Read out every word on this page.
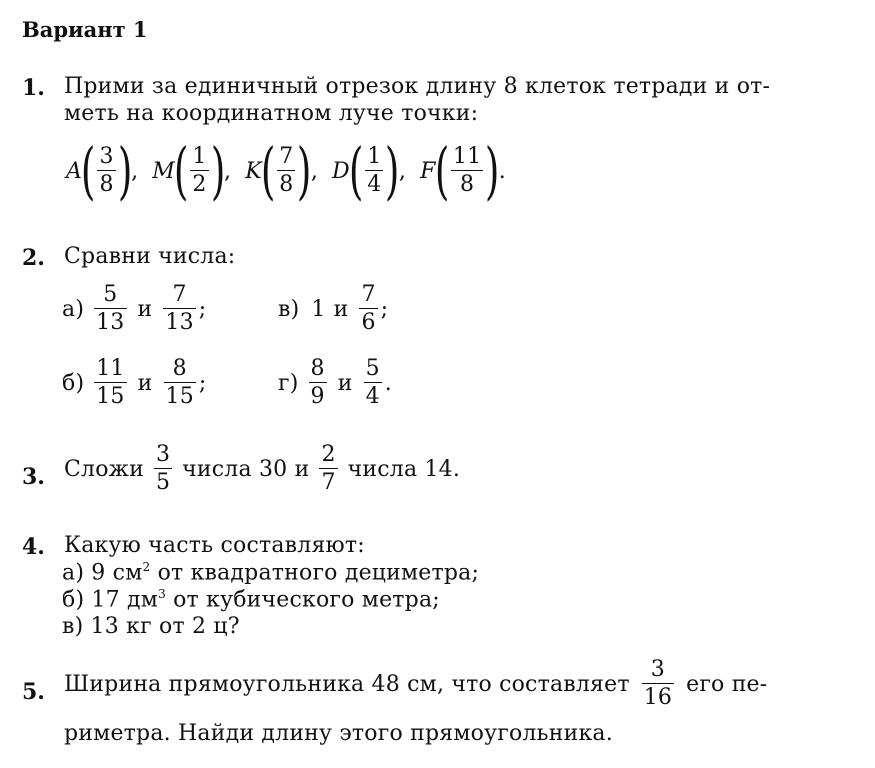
Вариант 1
1. Прими за единичный отрезок длину 8 клеток тетради и от-
меть на координатном луче точки:
A
( $\frac{3}{8}$ )
, M
( $\frac{1}{2}$ )
, K
( $\frac{7}{8}$ )
, D
( $\frac{1}{4}$ )
, F
( $\frac{11}{8}$ )
.
2. Сравни числа:
$а) \frac{5}{13}$ и $\frac{7}{13}$ ;	в) 1 и $\frac{7}{6}$ ;
$б) \frac{11}{15}$ и $\frac{8}{15}$ ;	$г) \frac{8}{9}$ и $\frac{5}{4}$ .
3. Сложи $\frac{3}{5}$ числа 30 и $\frac{2}{7}$ числа 14.
4. Какую часть составляют:
а) 9 $см^2$ от квадратного дециметра;
б) 17 $дм^3$ от кубического метра;
в) 13 кг от 2 ц?
5. Ширина прямоугольника 48 см, что составляет $\frac{3}{16}$ его пе-
риметра. Найди длину этого прямоугольника.
